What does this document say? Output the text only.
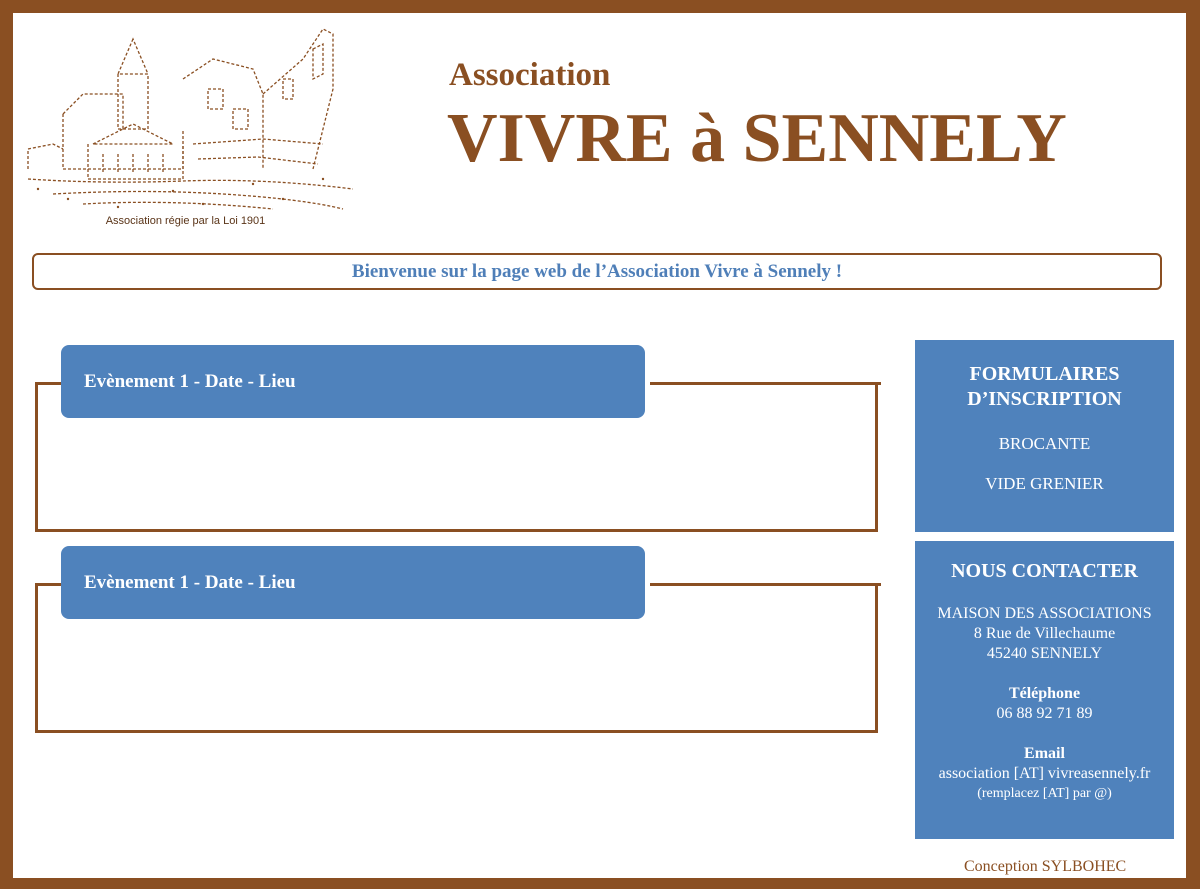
Association régie par la Loi 1901
Association
VIVRE à SENNELY
Bienvenue sur la page web de l’Association Vivre à Sennely !
Evènement 1 - Date - Lieu
Evènement 1 - Date - Lieu
FORMULAIRES
D’INSCRIPTION
BROCANTE
VIDE GRENIER
NOUS CONTACTER
MAISON DES ASSOCIATIONS
8 Rue de Villechaume
45240 SENNELY
Téléphone
06 88 92 71 89
Email
association [AT] vivreasennely.fr
(remplacez [AT] par @)
Conception SYLBOHEC
